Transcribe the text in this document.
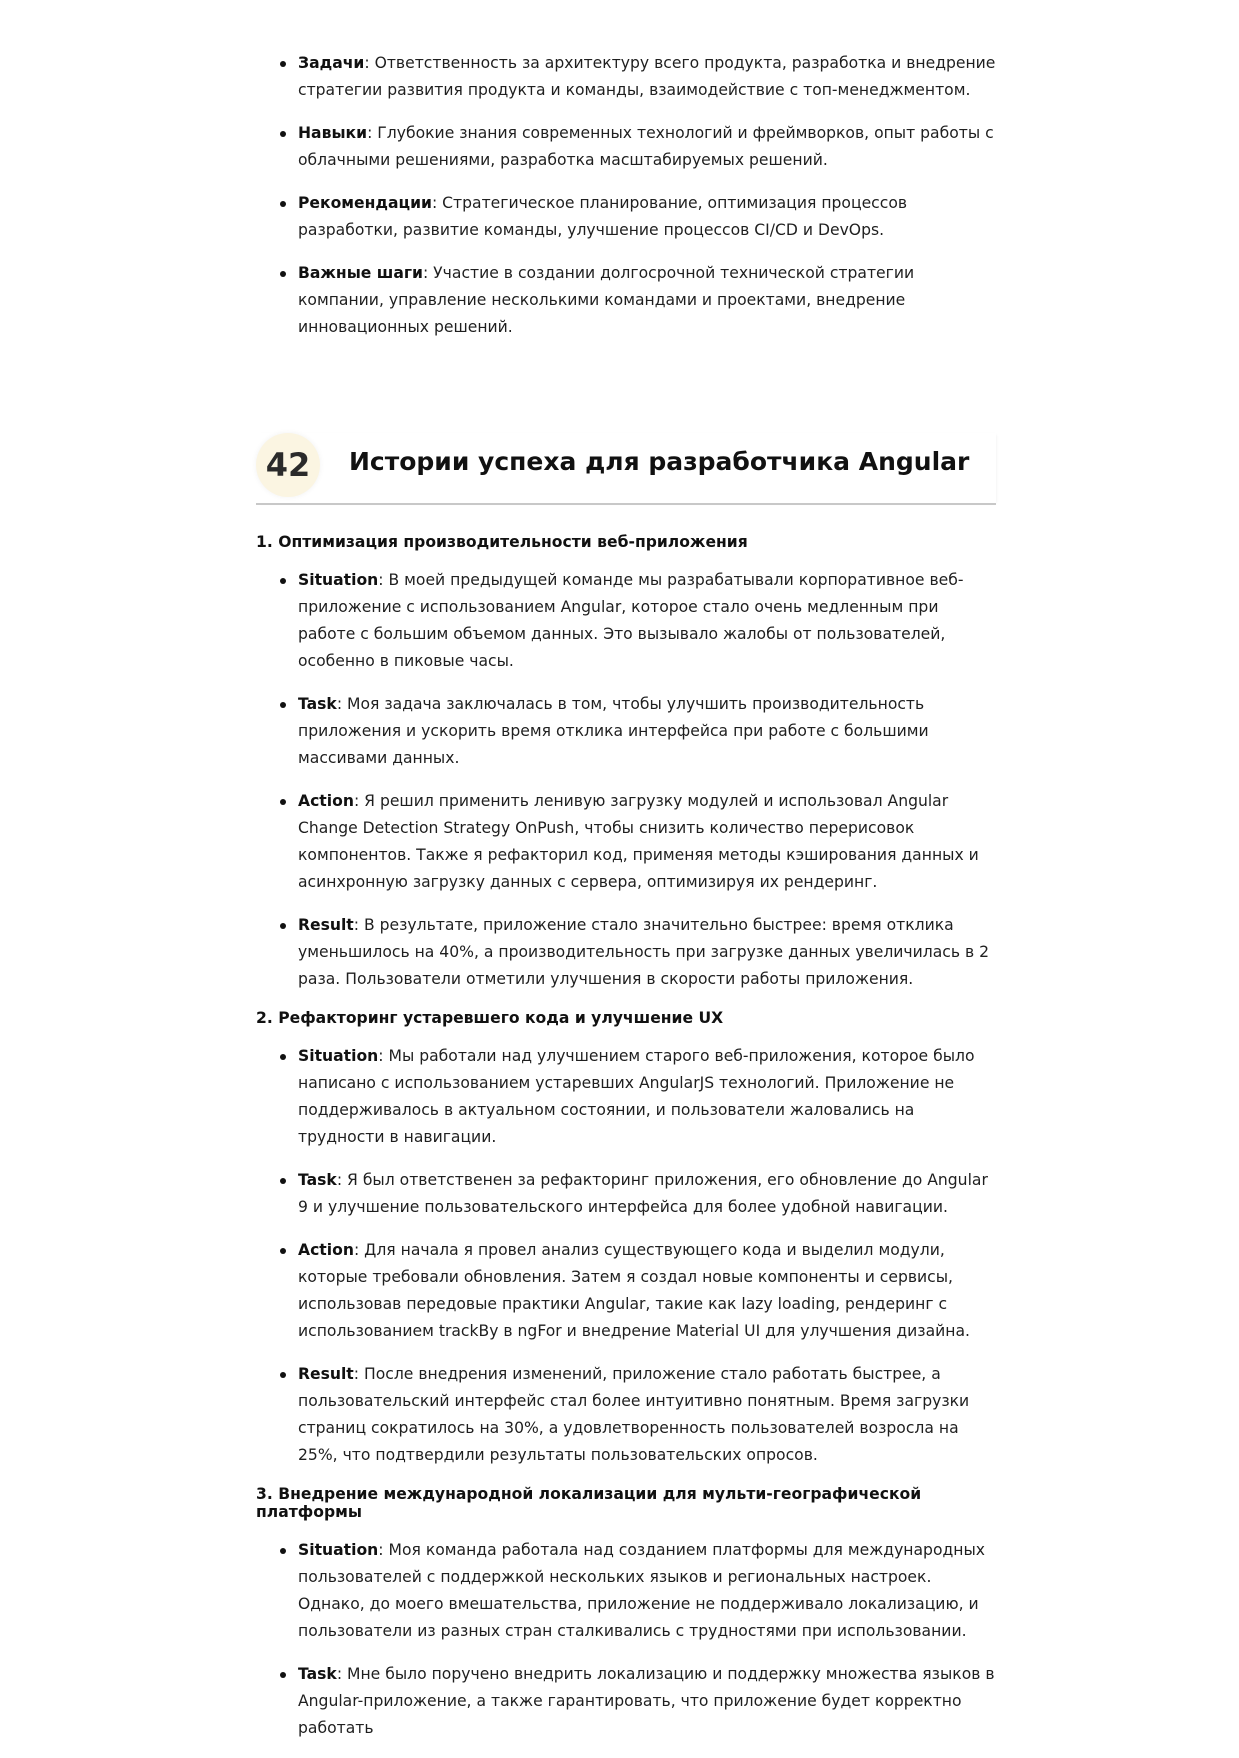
Задачи: Ответственность за архитектуру всего продукта, разработка и внедрение стратегии развития продукта и команды, взаимодействие с топ-менеджментом.
Навыки: Глубокие знания современных технологий и фреймворков, опыт работы с облачными решениями, разработка масштабируемых решений.
Рекомендации: Стратегическое планирование, оптимизация процессов разработки, развитие команды, улучшение процессов CI/CD и DevOps.
Важные шаги: Участие в создании долгосрочной технической стратегии компании, управление несколькими командами и проектами, внедрение инновационных решений.
42	Истории успеха для разработчика Angular
1. Оптимизация производительности веб-приложения
Situation: В моей предыдущей команде мы разрабатывали корпоративное веб-приложение с использованием Angular, которое стало очень медленным при работе с большим объемом данных. Это вызывало жалобы от пользователей, особенно в пиковые часы.
Task: Моя задача заключалась в том, чтобы улучшить производительность приложения и ускорить время отклика интерфейса при работе с большими массивами данных.
Action: Я решил применить ленивую загрузку модулей и использовал Angular Change Detection Strategy OnPush, чтобы снизить количество перерисовок компонентов. Также я рефакторил код, применяя методы кэширования данных и асинхронную загрузку данных с сервера, оптимизируя их рендеринг.
Result: В результате, приложение стало значительно быстрее: время отклика уменьшилось на 40%, а производительность при загрузке данных увеличилась в 2 раза. Пользователи отметили улучшения в скорости работы приложения.
2. Рефакторинг устаревшего кода и улучшение UX
Situation: Мы работали над улучшением старого веб-приложения, которое было написано с использованием устаревших AngularJS технологий. Приложение не поддерживалось в актуальном состоянии, и пользователи жаловались на трудности в навигации.
Task: Я был ответственен за рефакторинг приложения, его обновление до Angular 9 и улучшение пользовательского интерфейса для более удобной навигации.
Action: Для начала я провел анализ существующего кода и выделил модули, которые требовали обновления. Затем я создал новые компоненты и сервисы, использовав передовые практики Angular, такие как lazy loading, рендеринг с использованием trackBy в ngFor и внедрение Material UI для улучшения дизайна.
Result: После внедрения изменений, приложение стало работать быстрее, а пользовательский интерфейс стал более интуитивно понятным. Время загрузки страниц сократилось на 30%, а удовлетворенность пользователей возросла на 25%, что подтвердили результаты пользовательских опросов.
3. Внедрение международной локализации для мульти-географической платформы
Situation: Моя команда работала над созданием платформы для международных пользователей с поддержкой нескольких языков и региональных настроек. Однако, до моего вмешательства, приложение не поддерживало локализацию, и пользователи из разных стран сталкивались с трудностями при использовании.
Task: Мне было поручено внедрить локализацию и поддержку множества языков в Angular-приложение, а также гарантировать, что приложение будет корректно работать
